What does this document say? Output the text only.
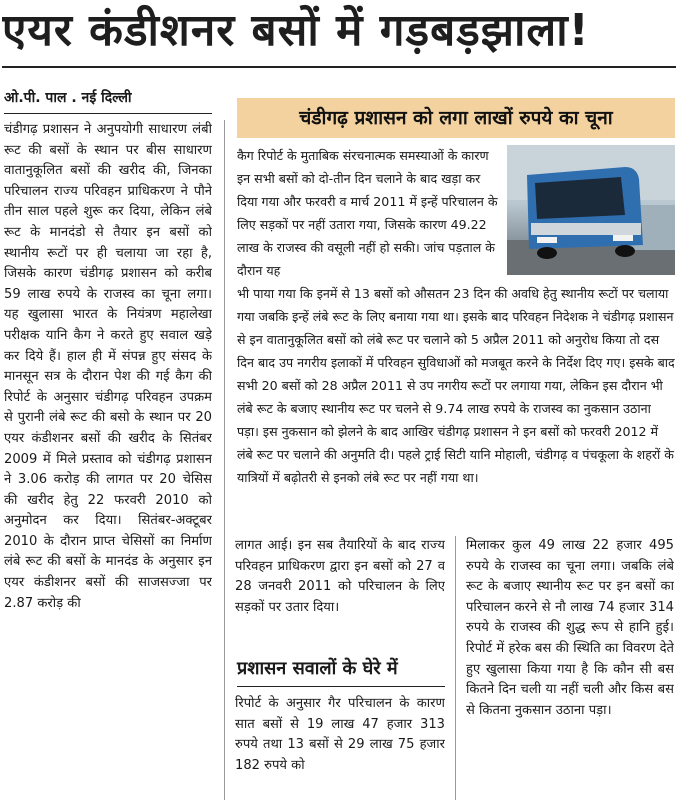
एयर कंडीशनर बसों में गड़बड़झाला!
ओ.पी. पाल . नई दिल्ली
चंडीगढ़ प्रशासन ने अनुपयोगी साधारण लंबी रूट की बसों के स्थान पर बीस साधारण वातानुकूलित बसों की खरीद की, जिनका परिचालन राज्य परिवहन प्राधिकरण ने पौने तीन साल पहले शुरू कर दिया, लेकिन लंबे रूट के मानदंडो से तैयार इन बसों को स्थानीय रूटों पर ही चलाया जा रहा है, जिसके कारण चंडीगढ़ प्रशासन को करीब 59 लाख रुपये के राजस्व का चूना लगा। यह खुलासा भारत के नियंत्रण महालेखा परीक्षक यानि कैग ने करते हुए सवाल खड़े कर दिये हैं। हाल ही में संपन्न हुए संसद के मानसून सत्र के दौरान पेश की गई कैग की रिपोर्ट के अनुसार चंडीगढ़ परिवहन उपक्रम से पुरानी लंबे रूट की बसो के स्थान पर 20 एयर कंडीशनर बसों की खरीद के सितंबर 2009 में मिले प्रस्ताव को चंडीगढ़ प्रशासन ने 3.06 करोड़ की लागत पर 20 चेसिस की खरीद हेतु 22 फरवरी 2010 को अनुमोदन कर दिया। सितंबर-अक्टूबर 2010 के दौरान प्राप्त चेसिसों का निर्माण लंबे रूट की बसों के मानदंड के अनुसार इन एयर कंडीशनर बसों की साजसज्जा पर 2.87 करोड़ की
चंडीगढ़ प्रशासन को लगा लाखों रुपये का चूना
कैग रिपोर्ट के मुताबिक संरचनात्मक समस्याओं के कारण इन सभी बसों को दो-तीन दिन चलाने के बाद खड़ा कर दिया गया और फरवरी व मार्च 2011 में इन्हें परिचालन के लिए सड़कों पर नहीं उतारा गया, जिसके कारण 49.22 लाख के राजस्व की वसूली नहीं हो सकी। जांच पड़ताल के दौरान यह
भी पाया गया कि इनमें से 13 बसों को औसतन 23 दिन की अवधि हेतु स्थानीय रूटों पर चलाया गया जबकि इन्हें लंबे रूट के लिए बनाया गया था। इसके बाद परिवहन निदेशक ने चंडीगढ़ प्रशासन से इन वातानुकूलित बसों को लंबे रूट पर चलाने को 5 अप्रैल 2011 को अनुरोध किया तो दस दिन बाद उप नगरीय इलाकों में परिवहन सुविधाओं को मजबूत करने के निर्देश दिए गए। इसके बाद सभी 20 बसों को 28 अप्रैल 2011 से उप नगरीय रूटों पर लगाया गया, लेकिन इस दौरान भी लंबे रूट के बजाए स्थानीय रूट पर चलने से 9.74 लाख रुपये के राजस्व का नुकसान उठाना पड़ा। इस नुकसान को झेलने के बाद आखिर चंडीगढ़ प्रशासन ने इन बसों को फरवरी 2012 में लंबे रूट पर चलाने की अनुमति दी। पहले ट्राई सिटी यानि मोहाली, चंडीगढ़ व पंचकूला के शहरों के यात्रियों में बढ़ोतरी से इनको लंबे रूट पर नहीं गया था।
लागत आई। इन सब तैयारियों के बाद राज्य परिवहन प्राधिकरण द्वारा इन बसों को 27 व 28 जनवरी 2011 को परिचालन के लिए सड़कों पर उतार दिया।
प्रशासन सवालों के घेरे में
रिपोर्ट के अनुसार गैर परिचालन के कारण सात बसों से 19 लाख 47 हजार 313 रुपये तथा 13 बसों से 29 लाख 75 हजार 182 रुपये को
मिलाकर कुल 49 लाख 22 हजार 495 रुपये के राजस्व का चूना लगा। जबकि लंबे रूट के बजाए स्थानीय रूट पर इन बसों का परिचालन करने से नौ लाख 74 हजार 314 रुपये के राजस्व की शुद्ध रूप से हानि हुई। रिपोर्ट में हरेक बस की स्थिति का विवरण देते हुए खुलासा किया गया है कि कौन सी बस कितने दिन चली या नहीं चली और किस बस से कितना नुकसान उठाना पड़ा।
